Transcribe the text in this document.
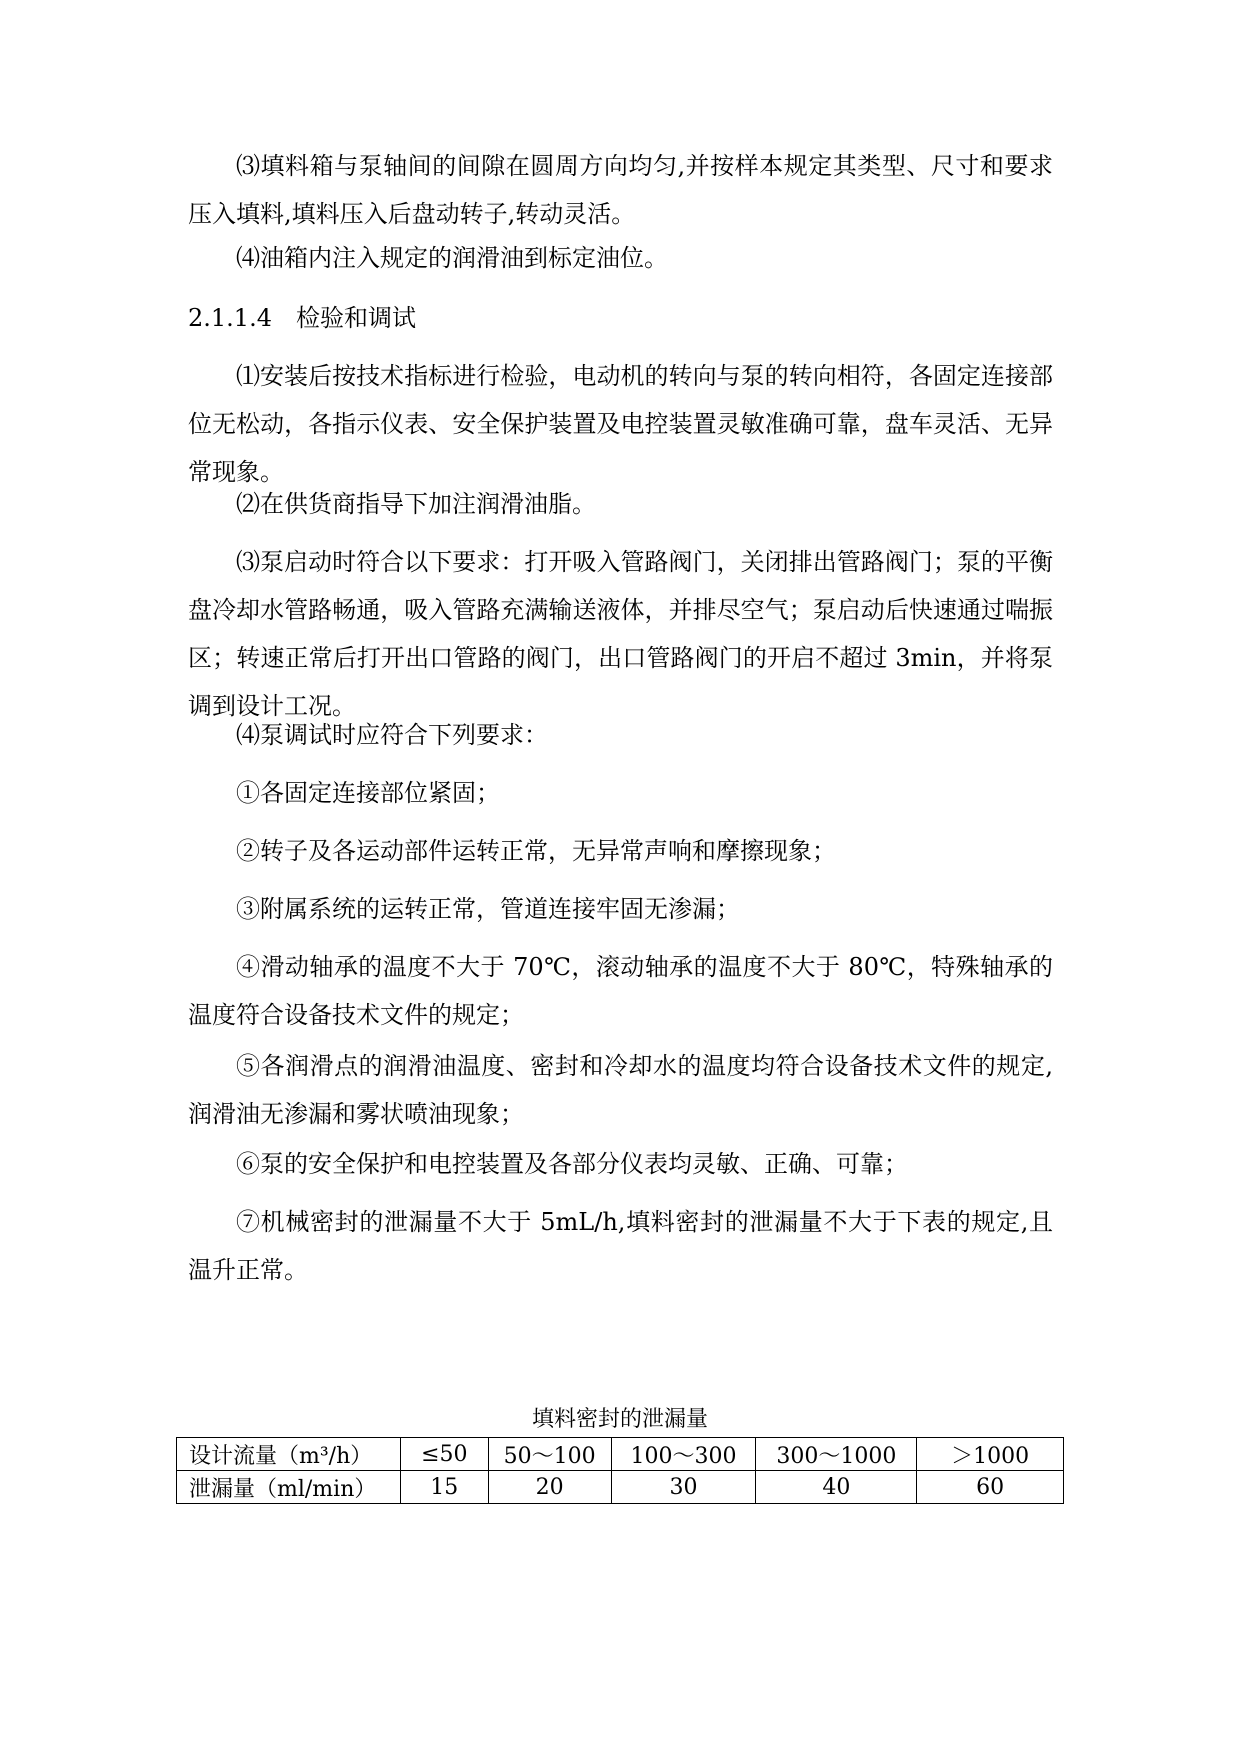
⑶填料箱与泵轴间的间隙在圆周方向均匀,并按样本规定其类型、尺寸和要求压入填料,填料压入后盘动转子,转动灵活。

⑷油箱内注入规定的润滑油到标定油位。

2.1.1.4 检验和调试

⑴安装后按技术指标进行检验，电动机的转向与泵的转向相符，各固定连接部位无松动，各指示仪表、安全保护装置及电控装置灵敏准确可靠，盘车灵活、无异常现象。

⑵在供货商指导下加注润滑油脂。

⑶泵启动时符合以下要求：打开吸入管路阀门，关闭排出管路阀门；泵的平衡盘冷却水管路畅通，吸入管路充满输送液体，并排尽空气；泵启动后快速通过喘振区；转速正常后打开出口管路的阀门，出口管路阀门的开启不超过 3min，并将泵调到设计工况。

⑷泵调试时应符合下列要求：

①各固定连接部位紧固；

②转子及各运动部件运转正常，无异常声响和摩擦现象；

③附属系统的运转正常，管道连接牢固无渗漏；

④滑动轴承的温度不大于 70℃，滚动轴承的温度不大于 80℃，特殊轴承的温度符合设备技术文件的规定；

⑤各润滑点的润滑油温度、密封和冷却水的温度均符合设备技术文件的规定,润滑油无渗漏和雾状喷油现象；

⑥泵的安全保护和电控装置及各部分仪表均灵敏、正确、可靠；

⑦机械密封的泄漏量不大于 5mL/h,填料密封的泄漏量不大于下表的规定,且温升正常。

填料密封的泄漏量
设计流量（m³/h）	≤50	50～100	100～300	300～1000	＞1000
泄漏量（ml/min）	15	20	30	40	60
